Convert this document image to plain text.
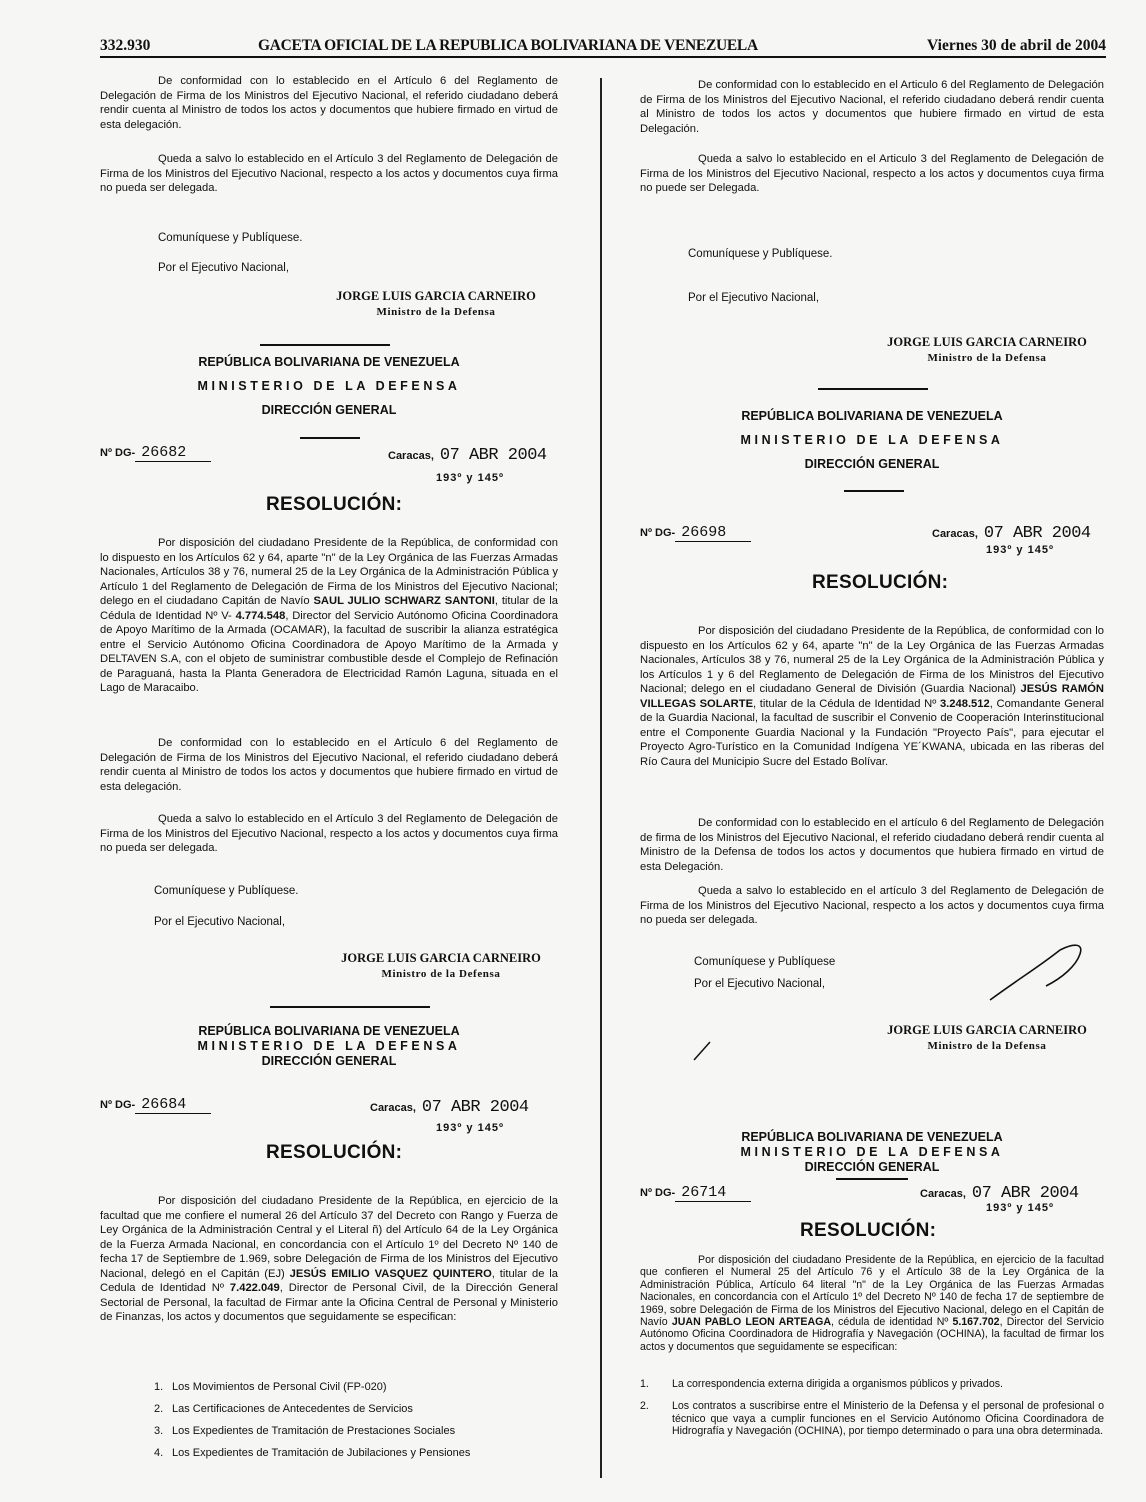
332.930	GACETA OFICIAL DE LA REPUBLICA BOLIVARIANA DE VENEZUELA	Viernes 30 de abril de 2004

De conformidad con lo establecido en el Artículo 6 del Reglamento de Delegación de Firma de los Ministros del Ejecutivo Nacional, el referido ciudadano deberá rendir cuenta al Ministro de todos los actos y documentos que hubiere firmado en virtud de esta delegación.

Queda a salvo lo establecido en el Artículo 3 del Reglamento de Delegación de Firma de los Ministros del Ejecutivo Nacional, respecto a los actos y documentos cuya firma no pueda ser delegada.

Comuníquese y Publíquese.
Por el Ejecutivo Nacional,
JORGE LUIS GARCIA CARNEIRO
Ministro de la Defensa
REPÚBLICA BOLIVARIANA DE VENEZUELA
MINISTERIO DE LA DEFENSA
DIRECCIÓN GENERAL
Nº DG- 26682	Caracas, 07 ABR 2004
193º y 145º
RESOLUCIÓN:

Por disposición del ciudadano Presidente de la República, de conformidad con lo dispuesto en los Artículos 62 y 64, aparte "n" de la Ley Orgánica de las Fuerzas Armadas Nacionales, Artículos 38 y 76, numeral 25 de la Ley Orgánica de la Administración Pública y Artículo 1 del Reglamento de Delegación de Firma de los Ministros del Ejecutivo Nacional; delego en el ciudadano Capitán de Navío SAUL JULIO SCHWARZ SANTONI, titular de la Cédula de Identidad Nº V- 4.774.548, Director del Servicio Autónomo Oficina Coordinadora de Apoyo Marítimo de la Armada (OCAMAR), la facultad de suscribir la alianza estratégica entre el Servicio Autónomo Oficina Coordinadora de Apoyo Marítimo de la Armada y DELTAVEN S.A, con el objeto de suministrar combustible desde el Complejo de Refinación de Paraguaná, hasta la Planta Generadora de Electricidad Ramón Laguna, situada en el Lago de Maracaibo.

De conformidad con lo establecido en el Artículo 6 del Reglamento de Delegación de Firma de los Ministros del Ejecutivo Nacional, el referido ciudadano deberá rendir cuenta al Ministro de todos los actos y documentos que hubiere firmado en virtud de esta delegación.

Queda a salvo lo establecido en el Artículo 3 del Reglamento de Delegación de Firma de los Ministros del Ejecutivo Nacional, respecto a los actos y documentos cuya firma no pueda ser delegada.

Comuníquese y Publíquese.
Por el Ejecutivo Nacional,
JORGE LUIS GARCIA CARNEIRO
Ministro de la Defensa
REPÚBLICA BOLIVARIANA DE VENEZUELA
MINISTERIO DE LA DEFENSA
DIRECCIÓN GENERAL
Nº DG- 26684	Caracas, 07 ABR 2004
193º y 145º
RESOLUCIÓN:

Por disposición del ciudadano Presidente de la República, en ejercicio de la facultad que me confiere el numeral 26 del Artículo 37 del Decreto con Rango y Fuerza de Ley Orgánica de la Administración Central y el Literal ñ) del Artículo 64 de la Ley Orgánica de la Fuerza Armada Nacional, en concordancia con el Artículo 1º del Decreto Nº 140 de fecha 17 de Septiembre de 1.969, sobre Delegación de Firma de los Ministros del Ejecutivo Nacional, delegó en el Capitán (EJ) JESÚS EMILIO VASQUEZ QUINTERO, titular de la Cedula de Identidad Nº 7.422.049, Director de Personal Civil, de la Dirección General Sectorial de Personal, la facultad de Firmar ante la Oficina Central de Personal y Ministerio de Finanzas, los actos y documentos que seguidamente se especifican:

1. Los Movimientos de Personal Civil (FP-020)
2. Las Certificaciones de Antecedentes de Servicios
3. Los Expedientes de Tramitación de Prestaciones Sociales
4. Los Expedientes de Tramitación de Jubilaciones y Pensiones

De conformidad con lo establecido en el Articulo 6 del Reglamento de Delegación de Firma de los Ministros del Ejecutivo Nacional, el referido ciudadano deberá rendir cuenta al Ministro de todos los actos y documentos que hubiere firmado en virtud de esta Delegación.

Queda a salvo lo establecido en el Articulo 3 del Reglamento de Delegación de Firma de los Ministros del Ejecutivo Nacional, respecto a los actos y documentos cuya firma no puede ser Delegada.

Comuníquese y Publíquese.
Por el Ejecutivo Nacional,
JORGE LUIS GARCIA CARNEIRO
Ministro de la Defensa
REPÚBLICA BOLIVARIANA DE VENEZUELA
MINISTERIO DE LA DEFENSA
DIRECCIÓN GENERAL
Nº DG- 26698	Caracas, 07 ABR 2004
193º y 145º
RESOLUCIÓN:

Por disposición del ciudadano Presidente de la República, de conformidad con lo dispuesto en los Artículos 62 y 64, aparte "n" de la Ley Orgánica de las Fuerzas Armadas Nacionales, Artículos 38 y 76, numeral 25 de la Ley Orgánica de la Administración Pública y los Artículos 1 y 6 del Reglamento de Delegación de Firma de los Ministros del Ejecutivo Nacional; delego en el ciudadano General de División (Guardia Nacional) JESÚS RAMÓN VILLEGAS SOLARTE, titular de la Cédula de Identidad Nº 3.248.512, Comandante General de la Guardia Nacional, la facultad de suscribir el Convenio de Cooperación Interinstitucional entre el Componente Guardia Nacional y la Fundación "Proyecto País", para ejecutar el Proyecto Agro-Turístico en la Comunidad Indígena YE´KWANA, ubicada en las riberas del Río Caura del Municipio Sucre del Estado Bolívar.

De conformidad con lo establecido en el artículo 6 del Reglamento de Delegación de firma de los Ministros del Ejecutivo Nacional, el referido ciudadano deberá rendir cuenta al Ministro de la Defensa de todos los actos y documentos que hubiera firmado en virtud de esta Delegación.

Queda a salvo lo establecido en el artículo 3 del Reglamento de Delegación de Firma de los Ministros del Ejecutivo Nacional, respecto a los actos y documentos cuya firma no pueda ser delegada.

Comuníquese y Publíquese
Por el Ejecutivo Nacional,
JORGE LUIS GARCIA CARNEIRO
Ministro de la Defensa
REPÚBLICA BOLIVARIANA DE VENEZUELA
MINISTERIO DE LA DEFENSA
DIRECCIÓN GENERAL
Nº DG- 26714	Caracas, 07 ABR 2004
193º y 145º
RESOLUCIÓN:

Por disposición del ciudadano Presidente de la República, en ejercicio de la facultad que confieren el Numeral 25 del Artículo 76 y el Artículo 38 de la Ley Orgánica de la Administración Pública, Artículo 64 literal "n" de la Ley Orgánica de las Fuerzas Armadas Nacionales, en concordancia con el Artículo 1º del Decreto Nº 140 de fecha 17 de septiembre de 1969, sobre Delegación de Firma de los Ministros del Ejecutivo Nacional, delego en el Capitán de Navío JUAN PABLO LEON ARTEAGA, cédula de identidad Nº 5.167.702, Director del Servicio Autónomo Oficina Coordinadora de Hidrografía y Navegación (OCHINA), la facultad de firmar los actos y documentos que seguidamente se especifican:

1.	La correspondencia externa dirigida a organismos públicos y privados.
2.	Los contratos a suscribirse entre el Ministerio de la Defensa y el personal de profesional o técnico que vaya a cumplir funciones en el Servicio Autónomo Oficina Coordinadora de Hidrografía y Navegación (OCHINA), por tiempo determinado o para una obra determinada.
